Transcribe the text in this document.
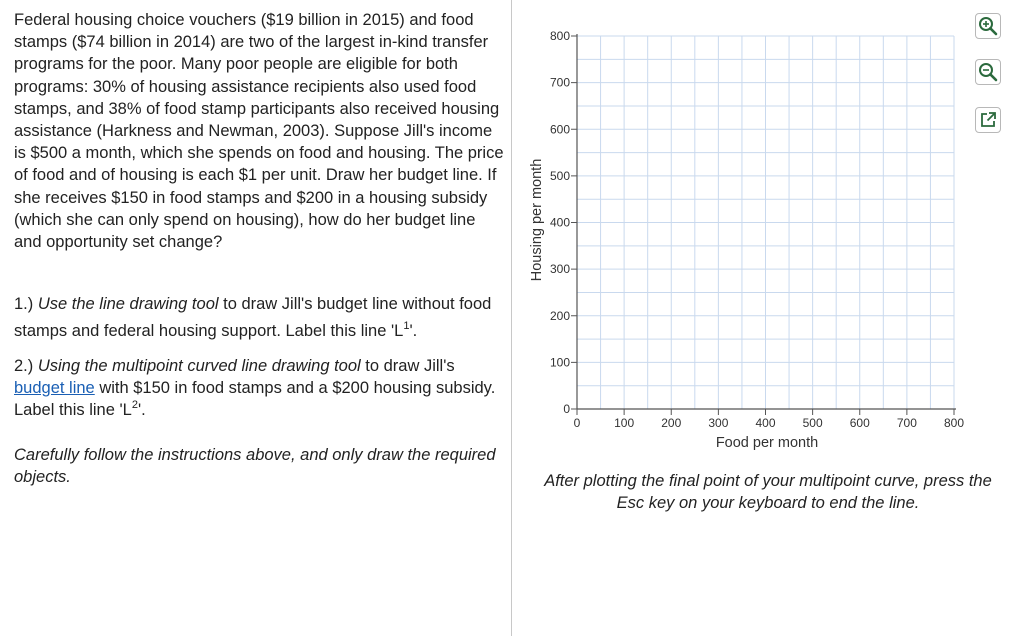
Federal housing choice vouchers ($19 billion in 2015) and food stamps ($74 billion in 2014) are two of the largest in-kind transfer programs for the poor. Many poor people are eligible for both programs: 30% of housing assistance recipients also used food stamps, and 38% of food stamp participants also received housing assistance (Harkness and Newman, 2003). Suppose Jill's income is $500 a month, which she spends on food and housing. The price of food and of housing is each $1 per unit. Draw her budget line. If she receives $150 in food stamps and $200 in a housing subsidy (which she can only spend on housing), how do her budget line and opportunity set change?
1.) Use the line drawing tool to draw Jill's budget line without food stamps and federal housing support. Label this line '$L^1$'.
2.) Using the multipoint curved line drawing tool to draw Jill's budget line with $150 in food stamps and a $200 housing subsidy. Label this line '$L^2$'.
Carefully follow the instructions above, and only draw the required objects.
0	100 200 300 400 500 600 700 800
0
100
200
300
400
500
600
700
800
Food per month
Housing per month
After plotting the final point of your multipoint curve, press the Esc key on your keyboard to end the line.
